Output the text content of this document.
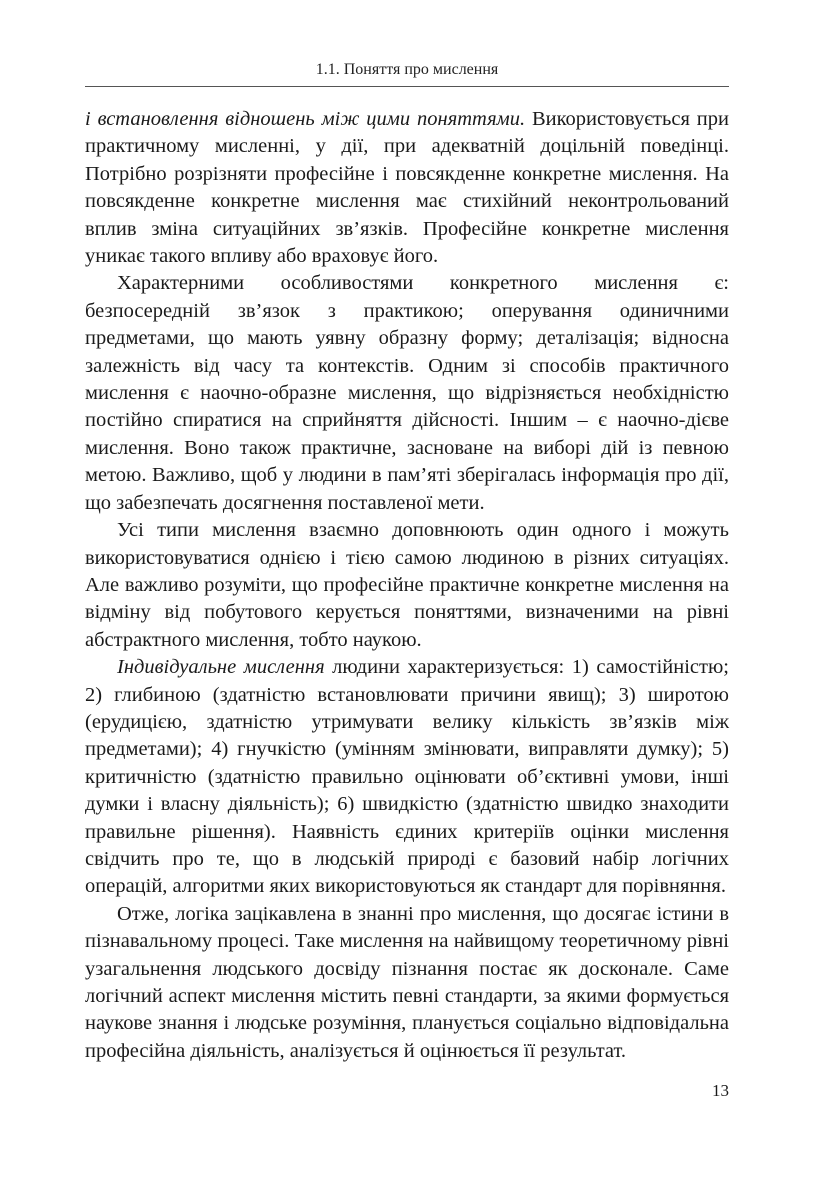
1.1. Поняття про мислення

і встановлення відношень між цими поняттями. Використовується при практичному мисленні, у дії, при адекватній доцільній поведінці. Потрібно розрізняти професійне і повсякденне конкретне мислення. На повсякденне конкретне мислення має стихійний неконтрольований вплив зміна ситуаційних зв’язків. Професійне конкретне мислення уникає такого впливу або враховує його.

Характерними особливостями конкретного мислення є: безпосередній зв’язок з практикою; оперування одиничними предметами, що мають уявну образну форму; деталізація; відносна залежність від часу та контекстів. Одним зі способів практичного мислення є наочно-образне мислення, що відрізняється необхідністю постійно спиратися на сприйняття дійсності. Іншим – є наочно-дієве мислення. Воно також практичне, засноване на виборі дій із певною метою. Важливо, щоб у людини в пам’яті зберігалась інформація про дії, що забезпечать досягнення поставленої мети.

Усі типи мислення взаємно доповнюють один одного і можуть використовуватися однією і тією самою людиною в різних ситуаціях. Але важливо розуміти, що професійне практичне конкретне мислення на відміну від побутового керується поняттями, визначеними на рівні абстрактного мислення, тобто наукою.

Індивідуальне мислення людини характеризується: 1) самостійністю; 2) глибиною (здатністю встановлювати причини явищ); 3) широтою (ерудицією, здатністю утримувати велику кількість зв’язків між предметами); 4) гнучкістю (умінням змінювати, виправляти думку); 5) критичністю (здатністю правильно оцінювати об’єктивні умови, інші думки і власну діяльність); 6) швидкістю (здатністю швидко знаходити правильне рішення). Наявність єдиних критеріїв оцінки мислення свідчить про те, що в людській природі є базовий набір логічних операцій, алгоритми яких використовуються як стандарт для порівняння.

Отже, логіка зацікавлена в знанні про мислення, що досягає істини в пізнавальному процесі. Таке мислення на найвищому теоретичному рівні узагальнення людського досвіду пізнання постає як досконале. Саме логічний аспект мислення містить певні стандарти, за якими формується наукове знання і людське розуміння, планується соціально відповідальна професійна діяльність, аналізується й оцінюється її результат.

13
